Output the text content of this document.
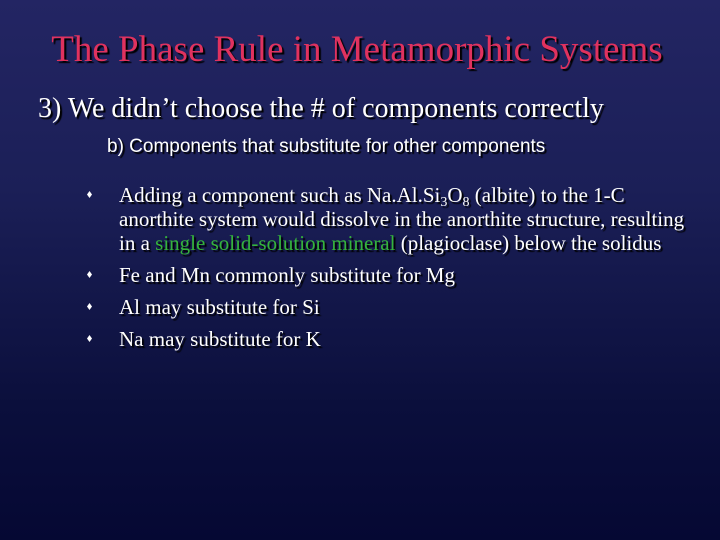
The Phase Rule in Metamorphic Systems
3) We didn’t choose the # of components correctly
b) Components that substitute for other components
Adding a component such as $Na.Al.Si_3O_8$ (albite) to the 1-C anorthite system would dissolve in the anorthite structure, resulting in a single solid-solution mineral (plagioclase) below the solidus
Fe and Mn commonly substitute for Mg
Al may substitute for Si
Na may substitute for K
